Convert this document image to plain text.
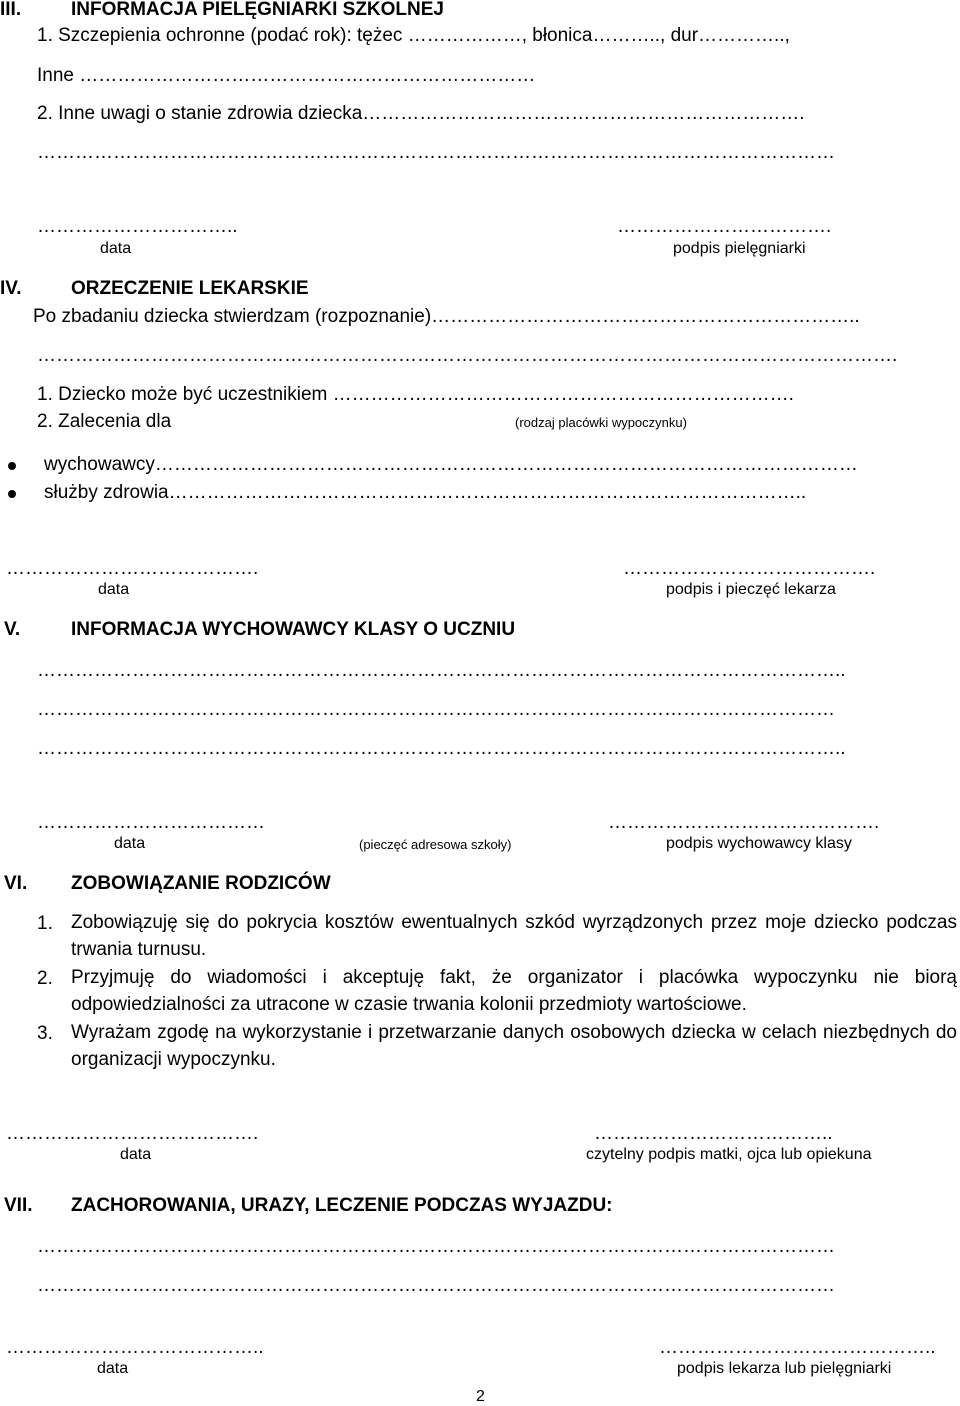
III.	INFORMACJA PIELĘGNIARKI SZKOLNEJ
1. Szczepienia ochronne (podać rok): tężec ………………, błonica……….., dur…………..,
Inne ………………………………………………………………
2. Inne uwagi o stanie zdrowia dziecka…………………………………………………………….
………………………………………………………………………………………………………………
…………………………..	…………………………….
data	podpis pielęgniarki
IV.	ORZECZENIE LEKARSKIE
Po zbadaniu dziecka stwierdzam (rozpoznanie)…………………………………………………………..
……………………………………………………………………………………………………………………….
1. Dziecko może być uczestnikiem ……………………………………………………………….
2. Zalecenia dla	(rodzaj placówki wypoczynku)
wychowawcy…………………………………………………………………………………………………
służby zdrowia………………………………………………………………………………………..
………………………………….	………………………………….
data	podpis i pieczęć lekarza
V.	INFORMACJA WYCHOWAWCY KLASY O UCZNIU
………………………………………………………………………………………………………………..
………………………………………………………………………………………………………………
………………………………………………………………………………………………………………..
………………………………	…………………………………….
data	(pieczęć adresowa szkoły)	podpis wychowawcy klasy
VI. ZOBOWIĄZANIE RODZICÓW
1. Zobowiązuję się do pokrycia kosztów ewentualnych szkód wyrządzonych przez moje dziecko podczas trwania turnusu.
2. Przyjmuję do wiadomości i akceptuję fakt, że organizator i placówka wypoczynku nie biorą odpowiedzialności za utracone w czasie trwania kolonii przedmioty wartościowe.
3. Wyrażam zgodę na wykorzystanie i przetwarzanie danych osobowych dziecka w celach niezbędnych do organizacji wypoczynku.
………………………………….	………………………………..
data	czytelny podpis matki, ojca lub opiekuna
VII. ZACHOROWANIA, URAZY, LECZENIE PODCZAS WYJAZDU:
………………………………………………………………………………………………………………
………………………………………………………………………………………………………………
…………………………………..	……………………………………..
data	podpis lekarza lub pielęgniarki
2
